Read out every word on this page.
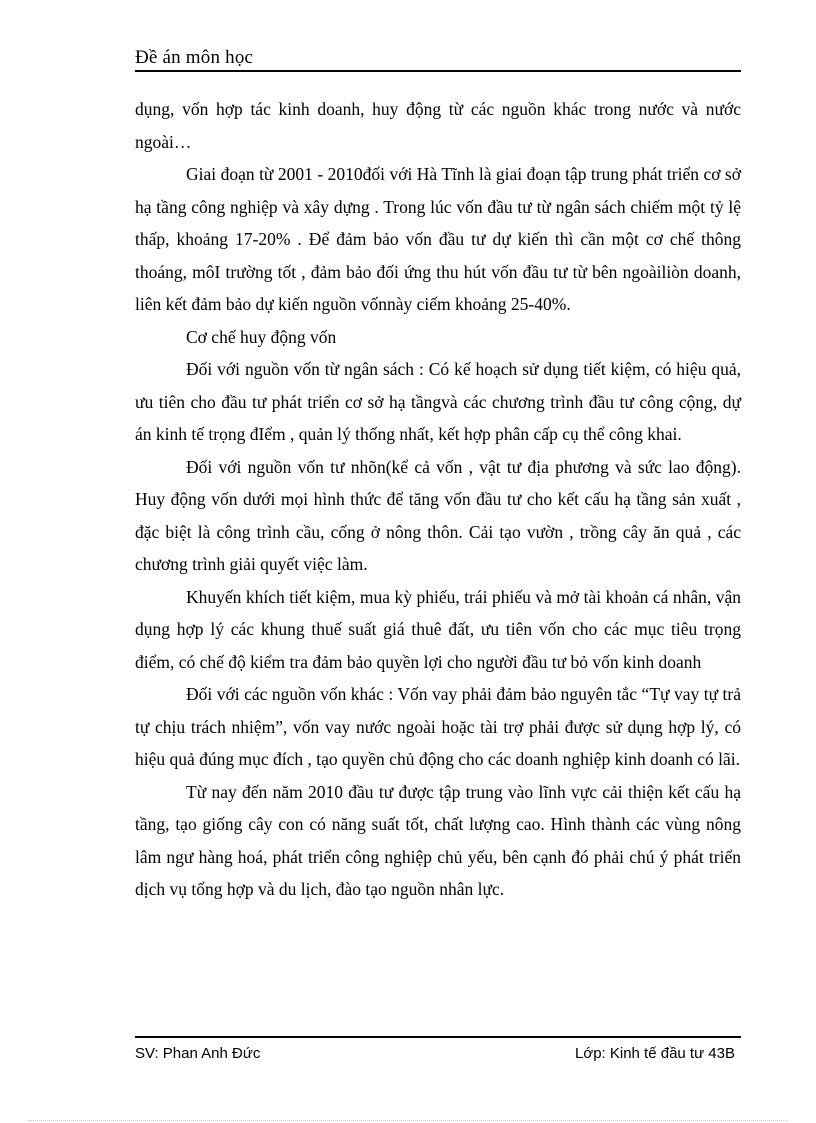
Đề án môn học

dụng, vốn hợp tác kinh doanh, huy động từ các nguồn khác trong nước và nước ngoài…

Giai đoạn từ 2001 - 2010đối với Hà Tĩnh là giai đoạn tập trung phát triển cơ sở hạ tầng công nghiệp và xây dựng . Trong lúc vốn đầu tư từ ngân sách chiếm một tỷ lệ thấp, khoảng 17-20% . Để đảm bảo vốn đầu tư dự kiến thì cần một cơ chế thông thoáng, môI trường tốt , đảm bảo đối ứng thu hút vốn đầu tư từ bên ngoàiliòn doanh, liên kết đảm bảo dự kiến nguồn vốnnày ciếm khoảng 25-40%.

Cơ chế huy động vốn

Đối với nguồn vốn từ ngân sách : Có kế hoạch sử dụng tiết kiệm, có hiệu quả, ưu tiên cho đầu tư phát triển cơ sở hạ tầngvà các chương trình đầu tư công cộng, dự án kinh tế trọng đIểm , quản lý thống nhất, kết hợp phân cấp cụ thể công khai.

Đối với nguồn vốn tư nhõn(kể cả vốn , vật tư địa phương và sức lao động). Huy động vốn dưới mọi hình thức để tăng vốn đầu tư cho kết cấu hạ tầng sản xuất , đặc biệt là công trình cầu, cống ở nông thôn. Cải tạo vườn , trồng cây ăn quả , các chương trình giải quyết việc làm.

Khuyến khích tiết kiệm, mua kỳ phiếu, trái phiếu và mở tài khoản cá nhân, vận dụng hợp lý các khung thuế suất giá thuê đất, ưu tiên vốn cho các mục tiêu trọng điểm, có chế độ kiểm tra đảm bảo quyền lợi cho người đầu tư bỏ vốn kinh doanh

Đối với các nguồn vốn khác : Vốn vay phải đảm bảo nguyên tắc “Tự vay tự trả tự chịu trách nhiệm”, vốn vay nước ngoài hoặc tài trợ phải được sử dụng hợp lý, có hiệu quả đúng mục đích , tạo quyền chủ động cho các doanh nghiệp kinh doanh có lãi.

Từ nay đến năm 2010 đầu tư được tập trung vào lĩnh vực cải thiện kết cấu hạ tầng, tạo giống cây con có năng suất tốt, chất lượng cao. Hình thành các vùng nông lâm ngư hàng hoá, phát triển công nghiệp chủ yếu, bên cạnh đó phải chú ý phát triển dịch vụ tổng hợp và du lịch, đào tạo nguồn nhân lực.

SV: Phan Anh Đức	Lớp: Kinh tế đầu tư 43B
